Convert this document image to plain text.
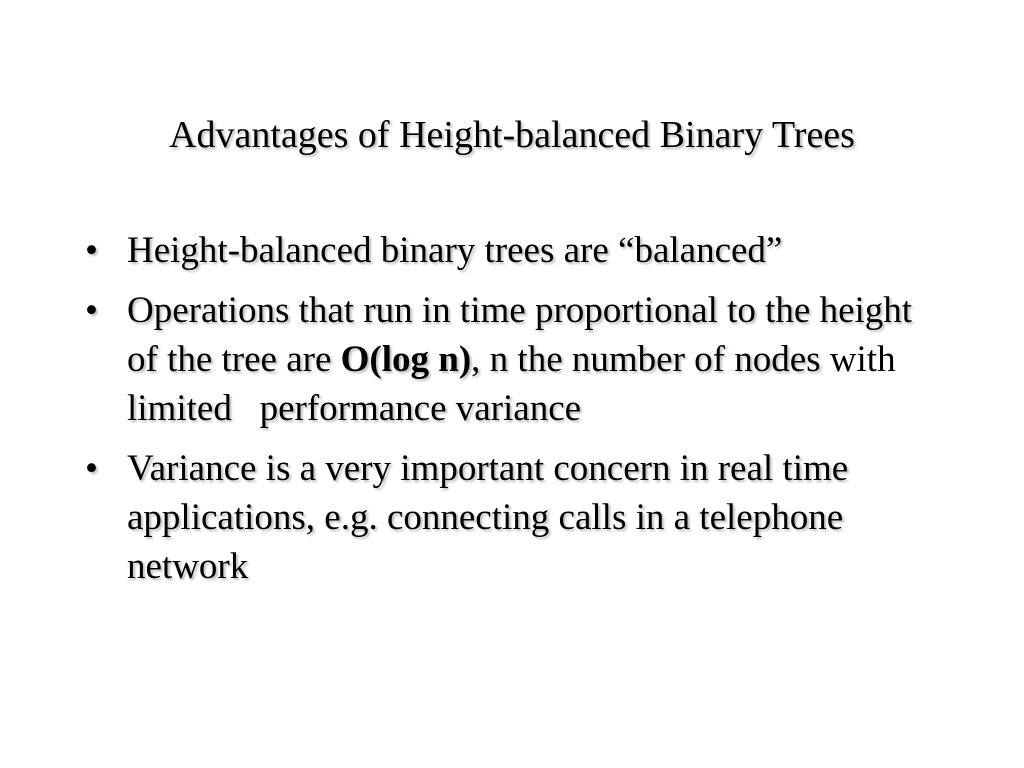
Advantages of Height-balanced Binary Trees
• Height-balanced binary trees are “balanced”
• Operations that run in time proportional to the height of the tree are O(log n), n the number of nodes with limited   performance variance
• Variance is a very important concern in real time applications, e.g. connecting calls in a telephone network
